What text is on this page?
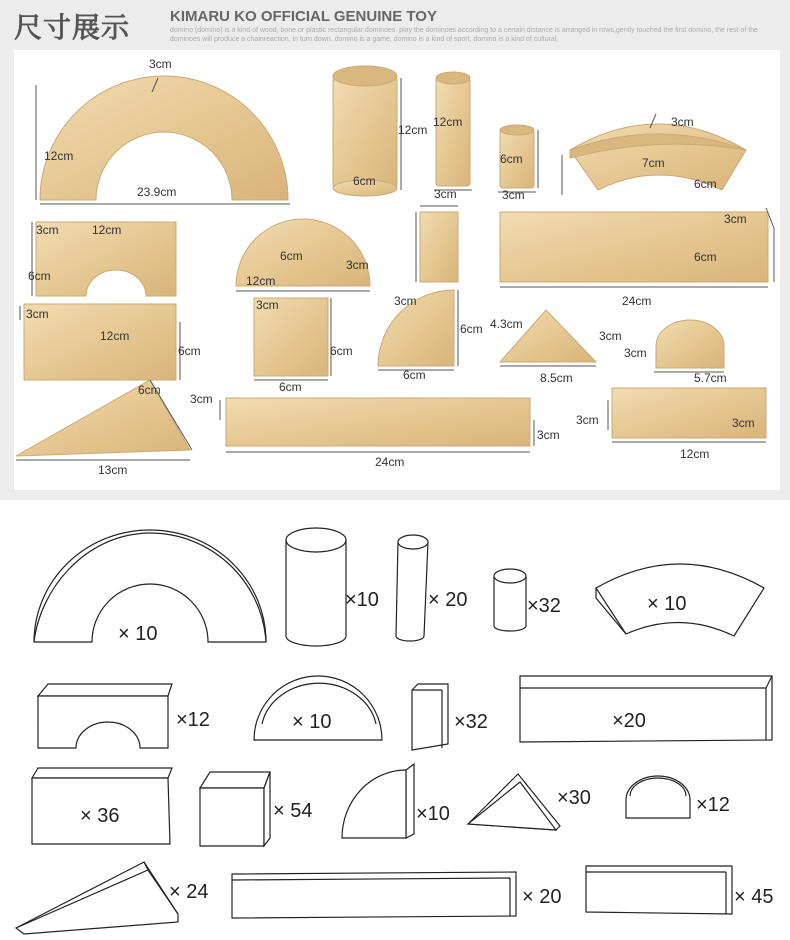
尺寸展示	KIMARU KO OFFICIAL GENUINE TOY
domino (domino) is a kind of wood, bone or plastic rectangular dominoes. play the dominoes according to a certain distance is arranged in rows,gently touched the first domino, the rest of the dominoes will produce a chainreaction, in turn down. domino is a game, domino is a kind of sport, domino is a kind of cultural.
3cm
12cm
23.9cm
12cm
6cm
12cm
3cm
6cm
3cm
3cm
7cm
6cm
3cm	12cm
6cm
6cm
12cm
3cm
3cm
6cm
24cm
3cm
12cm
6cm
3cm
6cm
6cm
3cm
6cm
6cm
4.3cm
3cm
8.5cm
3cm
5.7cm
6cm
13cm
3cm
3cm
24cm
3cm	3cm
12cm
× 10
×10 × 20	×32	× 10
×12	× 10	×32	×20
× 36	× 54	×10
×30	×12
× 24	× 20	× 45
